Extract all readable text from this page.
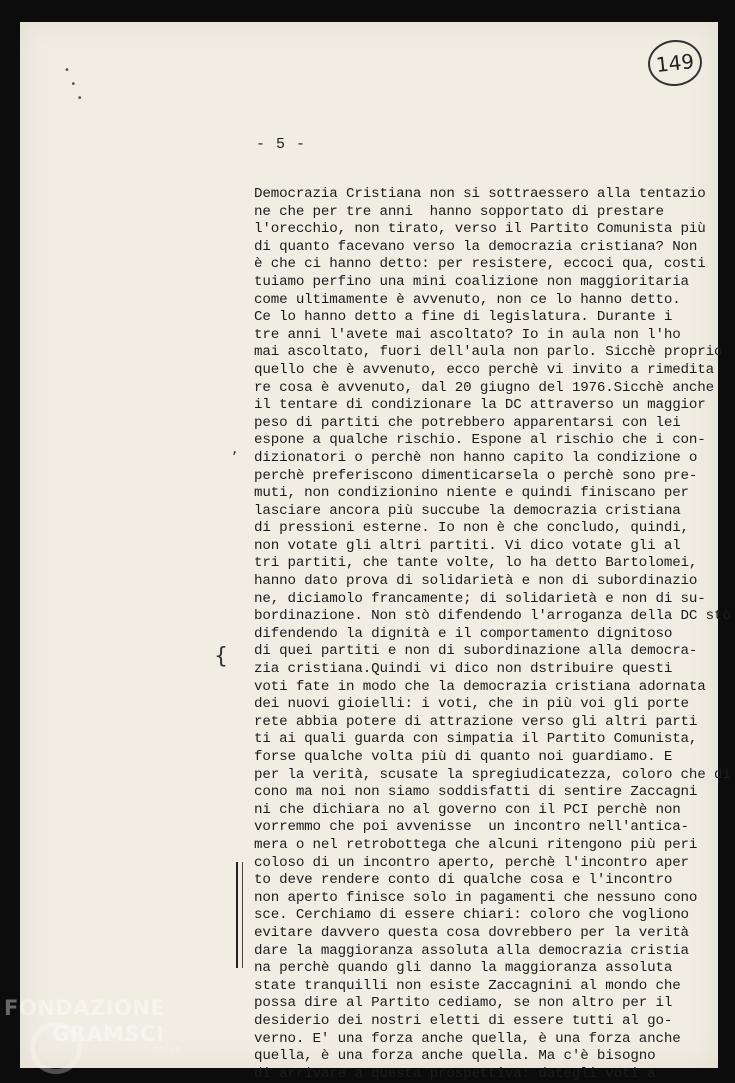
•
•
•
149
- 5 -
,
{
Democrazia Cristiana non si sottraessero alla tentazio
ne che per tre anni  hanno sopportato di prestare
l'orecchio, non tirato, verso il Partito Comunista più
di quanto facevano verso la democrazia cristiana? Non
è che ci hanno detto: per resistere, eccoci qua, costi
tuiamo perfino una mini coalizione non maggioritaria
come ultimamente è avvenuto, non ce lo hanno detto.
Ce lo hanno detto a fine di legislatura. Durante i
tre anni l'avete mai ascoltato? Io in aula non l'ho
mai ascoltato, fuori dell'aula non parlo. Sicchè proprio
quello che è avvenuto, ecco perchè vi invito a rimedita
re cosa è avvenuto, dal 20 giugno del 1976.Sicchè anche
il tentare di condizionare la DC attraverso un maggior
peso di partiti che potrebbero apparentarsi con lei
espone a qualche rischio. Espone al rischio che i con-
dizionatori o perchè non hanno capito la condizione o
perchè preferiscono dimenticarsela o perchè sono pre-
muti, non condizionino niente e quindi finiscano per
lasciare ancora più succube la democrazia cristiana
di pressioni esterne. Io non è che concludo, quindi,
non votate gli altri partiti. Vi dico votate gli al
tri partiti, che tante volte, lo ha detto Bartolomei,
hanno dato prova di solidarietà e non di subordinazio
ne, diciamolo francamente; di solidarietà e non di su-
bordinazione. Non stò difendendo l'arroganza della DC stò
difendendo la dignità e il comportamento dignitoso
di quei partiti e non di subordinazione alla democra-
zia cristiana.Quindi vi dico non dstribuire questi
voti fate in modo che la democrazia cristiana adornata
dei nuovi gioielli: i voti, che in più voi gli porte
rete abbia potere di attrazione verso gli altri parti
ti ai quali guarda con simpatia il Partito Comunista,
forse qualche volta più di quanto noi guardiamo. E
per la verità, scusate la spregiudicatezza, coloro che di
cono ma noi non siamo soddisfatti di sentire Zaccagni
ni che dichiara no al governo con il PCI perchè non
vorremmo che poi avvenisse  un incontro nell'antica-
mera o nel retrobottega che alcuni ritengono più peri
coloso di un incontro aperto, perchè l'incontro aper
to deve rendere conto di qualche cosa e l'incontro
non aperto finisce solo in pagamenti che nessuno cono
sce. Cerchiamo di essere chiari: coloro che vogliono
evitare davvero questa cosa dovrebbero per la verità
dare la maggioranza assoluta alla democrazia cristia
na perchè quando gli danno la maggioranza assoluta
state tranquilli non esiste Zaccagnini al mondo che
possa dire al Partito cediamo, se non altro per il
desiderio dei nostri eletti di essere tutti al go-
verno. E' una forza anche quella, è una forza anche
quella, è una forza anche quella. Ma c'è bisogno
di arrivare a questa prospettiva: dategli voti a
FONDAZIONE
GRAMSCI
onlus
